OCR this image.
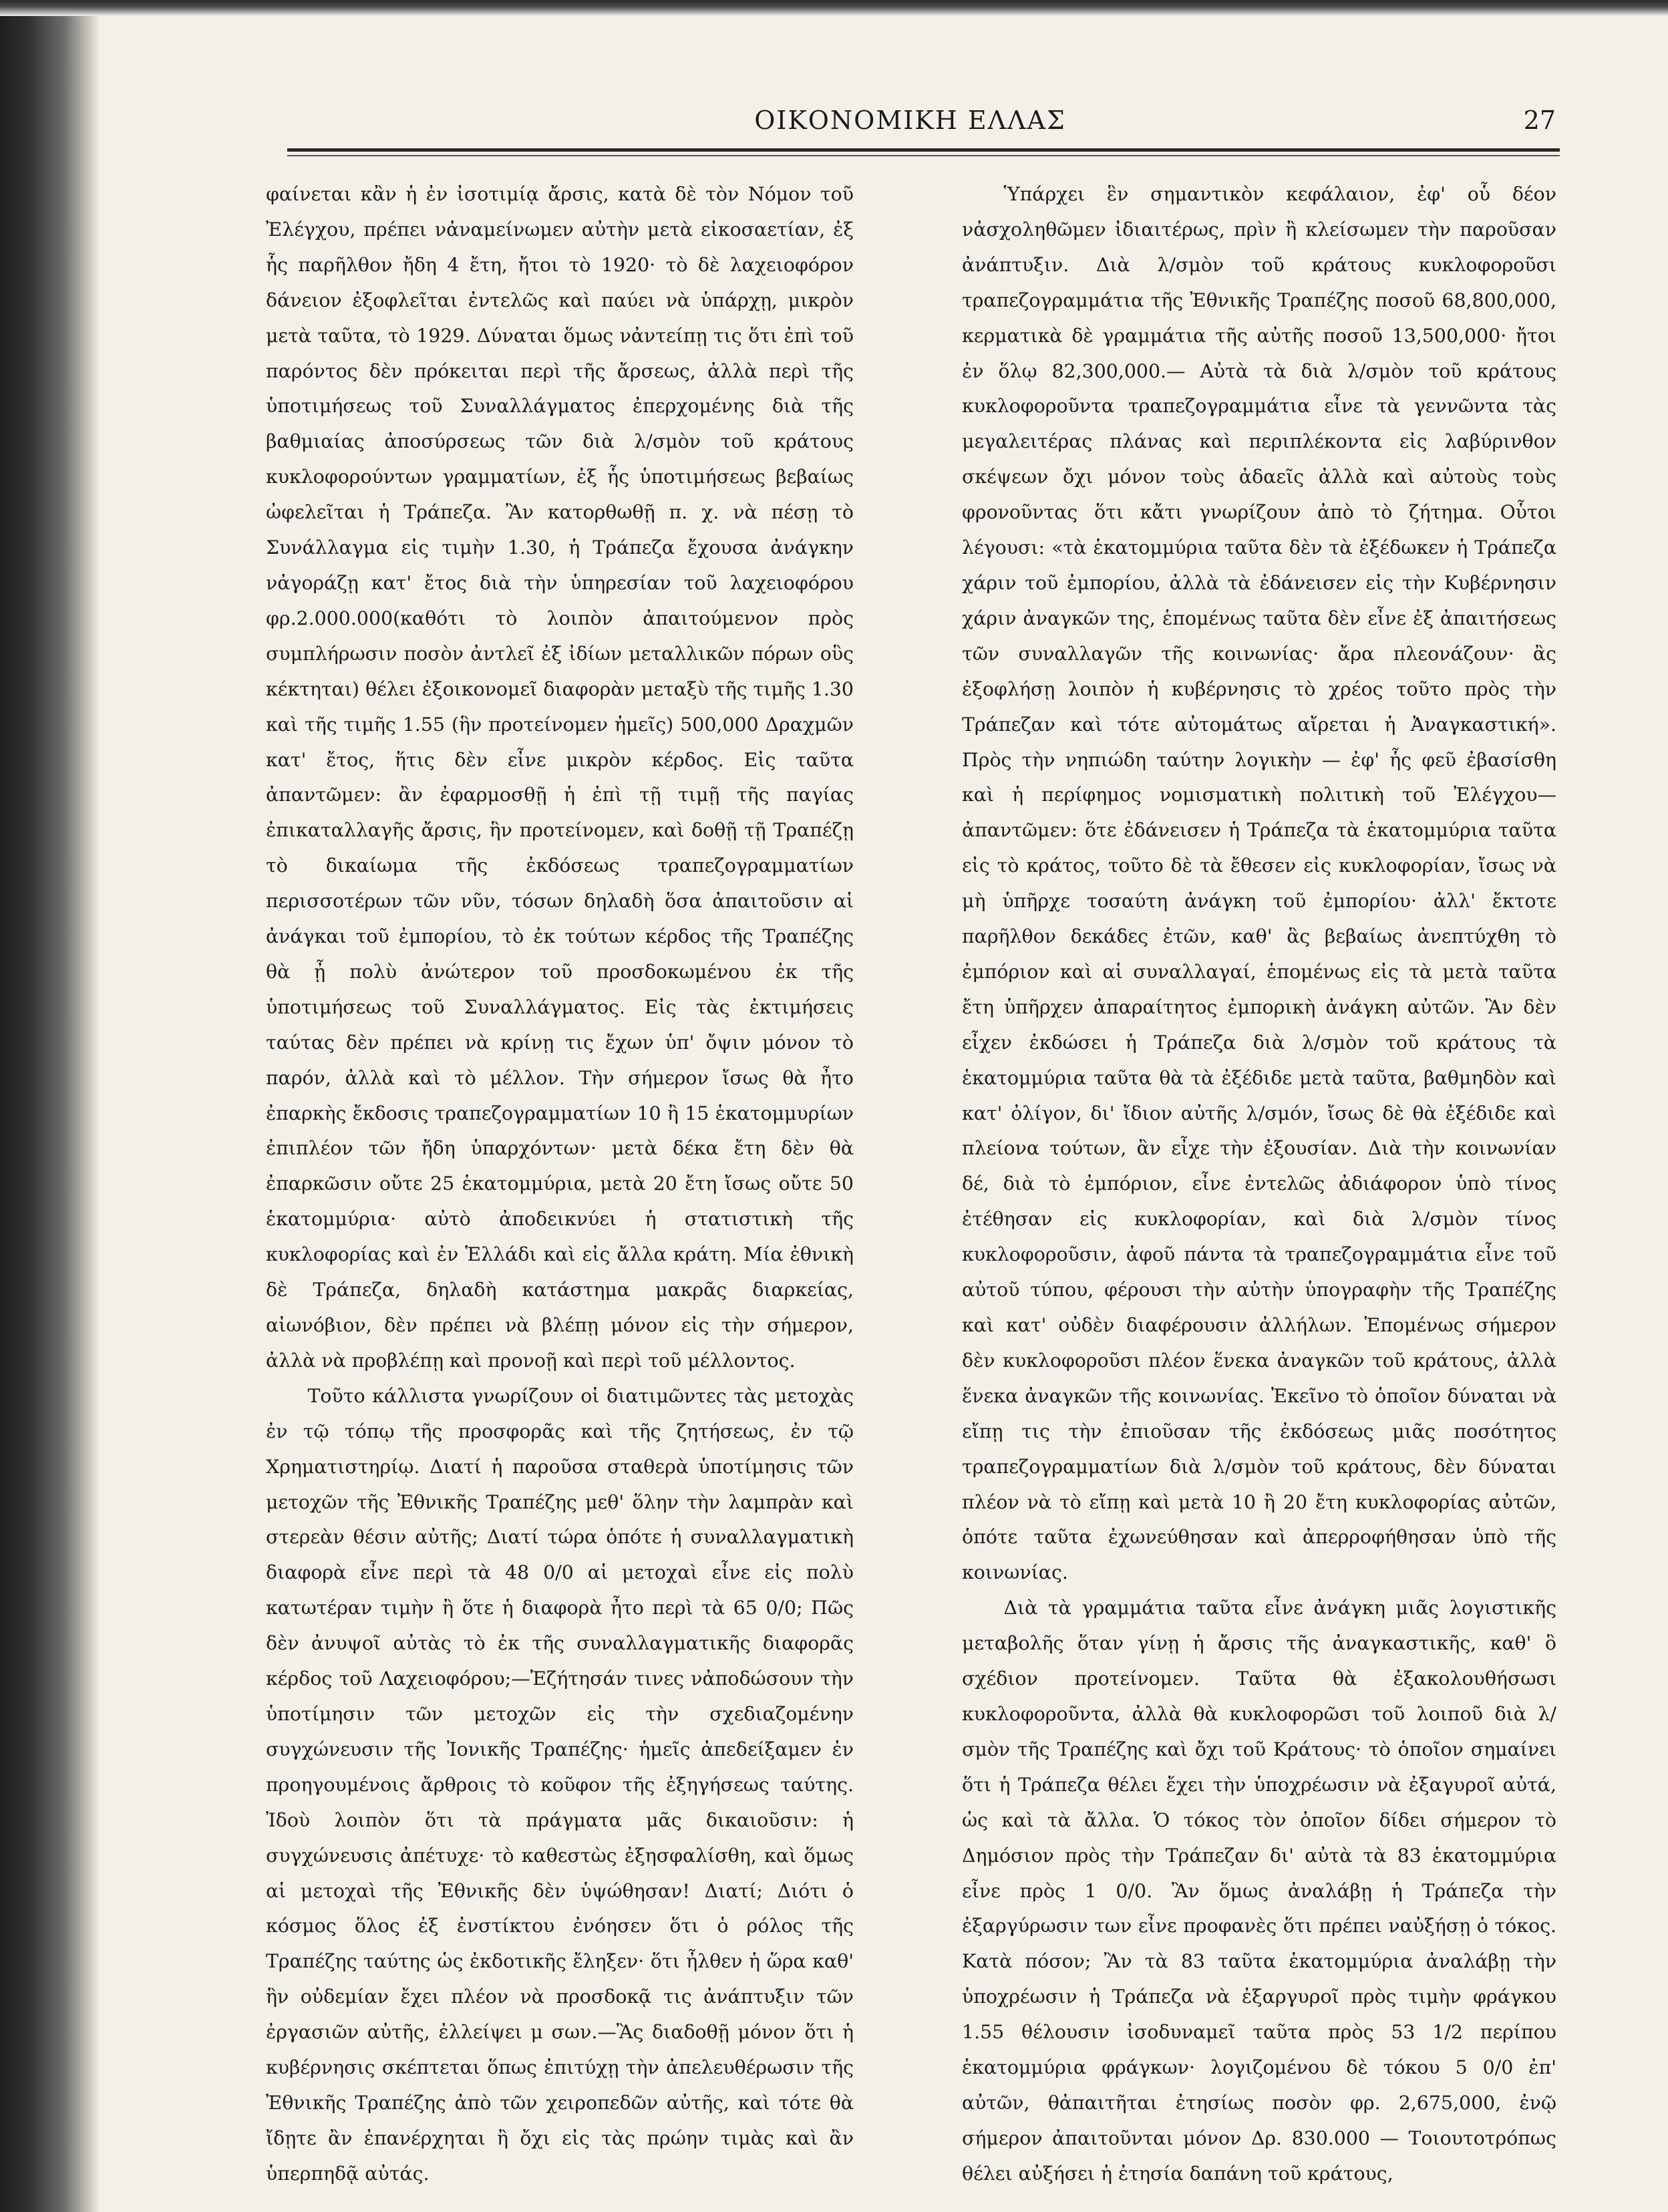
ΟΙΚΟΝΟΜΙΚΗ ΕΛΛΑΣ	27

φαίνεται κἂν ἡ ἐν ἰσοτιμίᾳ ἄρσις, κατὰ δὲ τὸν Νόμον τοῦ Ἐλέγχου, πρέπει νἀναμείνωμεν αὐτὴν μετὰ εἰκοσαετίαν, ἐξ ἧς παρῆλθον ἤδη 4 ἔτη, ἤτοι τὸ 1920· τὸ δὲ λαχειοφόρον δάνειον ἐξοφλεῖται ἐντελῶς καὶ παύει νὰ ὑπάρχῃ, μικρὸν μετὰ ταῦτα, τὸ 1929. Δύναται ὅμως νἀντείπῃ τις ὅτι ἐπὶ τοῦ παρόντος δὲν πρόκειται περὶ τῆς ἄρσεως, ἀλλὰ περὶ τῆς ὑποτιμήσεως τοῦ Συναλλάγματος ἐπερχομένης διὰ τῆς βαθμιαίας ἀποσύρσεως τῶν διὰ λ/σμὸν τοῦ κράτους κυκλοφορούντων γραμματίων, ἐξ ἧς ὑποτιμήσεως βεβαίως ὠφελεῖται ἡ Τράπεζα. Ἂν κατορθωθῇ π. χ. νὰ πέσῃ τὸ Συνάλλαγμα εἰς τιμὴν 1.30, ἡ Τράπεζα ἔχουσα ἀνάγκην νἀγοράζῃ κατ' ἔτος διὰ τὴν ὑπηρεσίαν τοῦ λαχειοφόρου φρ.2.000.000(καθότι τὸ λοιπὸν ἀπαιτούμενον πρὸς συμπλήρωσιν ποσὸν ἀντλεῖ ἐξ ἰδίων μεταλλικῶν πόρων οὓς κέκτηται) θέλει ἐξοικονομεῖ διαφορὰν μεταξὺ τῆς τιμῆς 1.30 καὶ τῆς τιμῆς 1.55 (ἣν προτείνομεν ἡμεῖς) 500,000 Δραχμῶν κατ' ἔτος, ἥτις δὲν εἶνε μικρὸν κέρδος. Εἰς ταῦτα ἀπαντῶμεν: ἂν ἐφαρμοσθῇ ἡ ἐπὶ τῇ τιμῇ τῆς παγίας ἐπικαταλλαγῆς ἄρσις, ἣν προτείνομεν, καὶ δοθῇ τῇ Τραπέζῃ τὸ δικαίωμα τῆς ἐκδόσεως τραπεζογραμματίων περισσοτέρων τῶν νῦν, τόσων δηλαδὴ ὅσα ἀπαιτοῦσιν αἱ ἀνάγκαι τοῦ ἐμπορίου, τὸ ἐκ τούτων κέρδος τῆς Τραπέζης θὰ ᾖ πολὺ ἀνώτερον τοῦ προσδοκωμένου ἐκ τῆς ὑποτιμήσεως τοῦ Συναλλάγματος. Εἰς τὰς ἐκτιμήσεις ταύτας δὲν πρέπει νὰ κρίνῃ τις ἔχων ὑπ' ὄψιν μόνον τὸ παρόν, ἀλλὰ καὶ τὸ μέλλον. Τὴν σήμερον ἴσως θὰ ἦτο ἐπαρκὴς ἔκδοσις τραπεζογραμματίων 10 ἢ 15 ἑκατομμυρίων ἐπιπλέον τῶν ἤδη ὑπαρχόντων· μετὰ δέκα ἔτη δὲν θὰ ἐπαρκῶσιν οὔτε 25 ἑκατομμύρια, μετὰ 20 ἔτη ἴσως οὔτε 50 ἑκατομμύρια· αὐτὸ ἀποδεικνύει ἡ στατιστικὴ τῆς κυκλοφορίας καὶ ἐν Ἑλλάδι καὶ εἰς ἄλλα κράτη. Μία ἐθνικὴ δὲ Τράπεζα, δηλαδὴ κατάστημα μακρᾶς διαρκείας, αἰωνόβιον, δὲν πρέπει νὰ βλέπῃ μόνον εἰς τὴν σήμερον, ἀλλὰ νὰ προβλέπῃ καὶ προνοῇ καὶ περὶ τοῦ μέλλοντος.

Τοῦτο κάλλιστα γνωρίζουν οἱ διατιμῶντες τὰς μετοχὰς ἐν τῷ τόπῳ τῆς προσφορᾶς καὶ τῆς ζητήσεως, ἐν τῷ Χρηματιστηρίῳ. Διατί ἡ παροῦσα σταθερὰ ὑποτίμησις τῶν μετοχῶν τῆς Ἐθνικῆς Τραπέζης μεθ' ὅλην τὴν λαμπρὰν καὶ στερεὰν θέσιν αὐτῆς; Διατί τώρα ὁπότε ἡ συναλλαγματικὴ διαφορὰ εἶνε περὶ τὰ 48 0/0 αἱ μετοχαὶ εἶνε εἰς πολὺ κατωτέραν τιμὴν ἢ ὅτε ἡ διαφορὰ ἦτο περὶ τὰ 65 0/0; Πῶς δὲν ἀνυψοῖ αὐτὰς τὸ ἐκ τῆς συναλλαγματικῆς διαφορᾶς κέρδος τοῦ Λαχειοφόρου;—Ἐζήτησάν τινες νἀποδώσουν τὴν ὑποτίμησιν τῶν μετοχῶν εἰς τὴν σχεδιαζομένην συγχώνευσιν τῆς Ἰονικῆς Τραπέζης· ἡμεῖς ἀπεδείξαμεν ἐν προηγουμένοις ἄρθροις τὸ κοῦφον τῆς ἐξηγήσεως ταύτης. Ἰδοὺ λοιπὸν ὅτι τὰ πράγματα μᾶς δικαιοῦσιν: ἡ συγχώνευσις ἀπέτυχε· τὸ καθεστὼς ἐξησφαλίσθη, καὶ ὅμως αἱ μετοχαὶ τῆς Ἐθνικῆς δὲν ὑψώθησαν! Διατί; Διότι ὁ κόσμος ὅλος ἐξ ἐνστίκτου ἐνόησεν ὅτι ὁ ρόλος τῆς Τραπέζης ταύτης ὡς ἐκδοτικῆς ἔληξεν· ὅτι ἦλθεν ἡ ὥρα καθ' ἣν οὐδεμίαν ἔχει πλέον νὰ προσδοκᾷ τις ἀνάπτυξιν τῶν ἐργασιῶν αὐτῆς, ἐλλείψει μ σων.—Ἂς διαδοθῇ μόνον ὅτι ἡ κυβέρνησις σκέπτεται ὅπως ἐπιτύχῃ τὴν ἀπελευθέρωσιν τῆς Ἐθνικῆς Τραπέζης ἀπὸ τῶν χειροπεδῶν αὐτῆς, καὶ τότε θὰ ἴδῃτε ἂν ἐπανέρχηται ἢ ὄχι εἰς τὰς πρώην τιμὰς καὶ ἂν ὑπερπηδᾷ αὐτάς.

Ὑπάρχει ἓν σημαντικὸν κεφάλαιον, ἐφ' οὗ δέον νἀσχοληθῶμεν ἰδιαιτέρως, πρὶν ἢ κλείσωμεν τὴν παροῦσαν ἀνάπτυξιν. Διὰ λ/σμὸν τοῦ κράτους κυκλοφοροῦσι τραπεζογραμμάτια τῆς Ἐθνικῆς Τραπέζης ποσοῦ 68,800,000, κερματικὰ δὲ γραμμάτια τῆς αὐτῆς ποσοῦ 13,500,000· ἤτοι ἐν ὅλῳ 82,300,000.— Αὐτὰ τὰ διὰ λ/σμὸν τοῦ κράτους κυκλοφοροῦντα τραπεζογραμμάτια εἶνε τὰ γεννῶντα τὰς μεγαλειτέρας πλάνας καὶ περιπλέκοντα εἰς λαβύρινθον σκέψεων ὄχι μόνον τοὺς ἀδαεῖς ἀλλὰ καὶ αὐτοὺς τοὺς φρονοῦντας ὅτι κἄτι γνωρίζουν ἀπὸ τὸ ζήτημα. Οὗτοι λέγουσι: «τὰ ἑκατομμύρια ταῦτα δὲν τὰ ἐξέδωκεν ἡ Τράπεζα χάριν τοῦ ἐμπορίου, ἀλλὰ τὰ ἐδάνεισεν εἰς τὴν Κυβέρνησιν χάριν ἀναγκῶν της, ἑπομένως ταῦτα δὲν εἶνε ἐξ ἀπαιτήσεως τῶν συναλλαγῶν τῆς κοινωνίας· ἄρα πλεονάζουν· ἂς ἐξοφλήσῃ λοιπὸν ἡ κυβέρνησις τὸ χρέος τοῦτο πρὸς τὴν Τράπεζαν καὶ τότε αὐτομάτως αἴρεται ἡ Ἀναγκαστική». Πρὸς τὴν νηπιώδη ταύτην λογικὴν — ἐφ' ἧς φεῦ ἐβασίσθη καὶ ἡ περίφημος νομισματικὴ πολιτικὴ τοῦ Ἐλέγχου—ἀπαντῶμεν: ὅτε ἐδάνεισεν ἡ Τράπεζα τὰ ἑκατομμύρια ταῦτα εἰς τὸ κράτος, τοῦτο δὲ τὰ ἔθεσεν εἰς κυκλοφορίαν, ἴσως νὰ μὴ ὑπῆρχε τοσαύτη ἀνάγκη τοῦ ἐμπορίου· ἀλλ' ἔκτοτε παρῆλθον δεκάδες ἐτῶν, καθ' ἃς βεβαίως ἀνεπτύχθη τὸ ἐμπόριον καὶ αἱ συναλλαγαί, ἑπομένως εἰς τὰ μετὰ ταῦτα ἔτη ὑπῆρχεν ἀπαραίτητος ἐμπορικὴ ἀνάγκη αὐτῶν. Ἂν δὲν εἶχεν ἐκδώσει ἡ Τράπεζα διὰ λ/σμὸν τοῦ κράτους τὰ ἑκατομμύρια ταῦτα θὰ τὰ ἐξέδιδε μετὰ ταῦτα, βαθμηδὸν καὶ κατ' ὀλίγον, δι' ἴδιον αὐτῆς λ/σμόν, ἴσως δὲ θὰ ἐξέδιδε καὶ πλείονα τούτων, ἂν εἶχε τὴν ἐξουσίαν. Διὰ τὴν κοινωνίαν δέ, διὰ τὸ ἐμπόριον, εἶνε ἐντελῶς ἀδιάφορον ὑπὸ τίνος ἐτέθησαν εἰς κυκλοφορίαν, καὶ διὰ λ/σμὸν τίνος κυκλοφοροῦσιν, ἀφοῦ πάντα τὰ τραπεζογραμμάτια εἶνε τοῦ αὐτοῦ τύπου, φέρουσι τὴν αὐτὴν ὑπογραφὴν τῆς Τραπέζης καὶ κατ' οὐδὲν διαφέρουσιν ἀλλήλων. Ἑπομένως σήμερον δὲν κυκλοφοροῦσι πλέον ἕνεκα ἀναγκῶν τοῦ κράτους, ἀλλὰ ἕνεκα ἀναγκῶν τῆς κοινωνίας. Ἐκεῖνο τὸ ὁποῖον δύναται νὰ εἴπῃ τις τὴν ἐπιοῦσαν τῆς ἐκδόσεως μιᾶς ποσότητος τραπεζογραμματίων διὰ λ/σμὸν τοῦ κράτους, δὲν δύναται πλέον νὰ τὸ εἴπῃ καὶ μετὰ 10 ἢ 20 ἔτη κυκλοφορίας αὐτῶν, ὁπότε ταῦτα ἐχωνεύθησαν καὶ ἀπερροφήθησαν ὑπὸ τῆς κοινωνίας.

Διὰ τὰ γραμμάτια ταῦτα εἶνε ἀνάγκη μιᾶς λογιστικῆς μεταβολῆς ὅταν γίνῃ ἡ ἄρσις τῆς ἀναγκαστικῆς, καθ' ὃ σχέδιον προτείνομεν. Ταῦτα θὰ ἐξακολουθήσωσι κυκλοφοροῦντα, ἀλλὰ θὰ κυκλοφορῶσι τοῦ λοιποῦ διὰ λ/σμὸν τῆς Τραπέζης καὶ ὄχι τοῦ Κράτους· τὸ ὁποῖον σημαίνει ὅτι ἡ Τράπεζα θέλει ἔχει τὴν ὑποχρέωσιν νὰ ἐξαγυροῖ αὐτά, ὡς καὶ τὰ ἄλλα. Ὁ τόκος τὸν ὁποῖον δίδει σήμερον τὸ Δημόσιον πρὸς τὴν Τράπεζαν δι' αὐτὰ τὰ 83 ἑκατομμύρια εἶνε πρὸς 1 0/0. Ἂν ὅμως ἀναλάβῃ ἡ Τράπεζα τὴν ἐξαργύρωσιν των εἶνε προφανὲς ὅτι πρέπει ναὐξήσῃ ὁ τόκος. Κατὰ πόσον; Ἂν τὰ 83 ταῦτα ἑκατομμύρια ἀναλάβῃ τὴν ὑποχρέωσιν ἡ Τράπεζα νὰ ἐξαργυροῖ πρὸς τιμὴν φράγκου 1.55 θέλουσιν ἰσοδυναμεῖ ταῦτα πρὸς 53 1/2 περίπου ἑκατομμύρια φράγκων· λογιζομένου δὲ τόκου 5 0/0 ἐπ' αὐτῶν, θἀπαιτῆται ἐτησίως ποσὸν φρ. 2,675,000, ἐνῷ σήμερον ἀπαιτοῦνται μόνον Δρ. 830.000 — Τοιουτοτρόπως θέλει αὐξήσει ἡ ἐτησία δαπάνη τοῦ κράτους,
